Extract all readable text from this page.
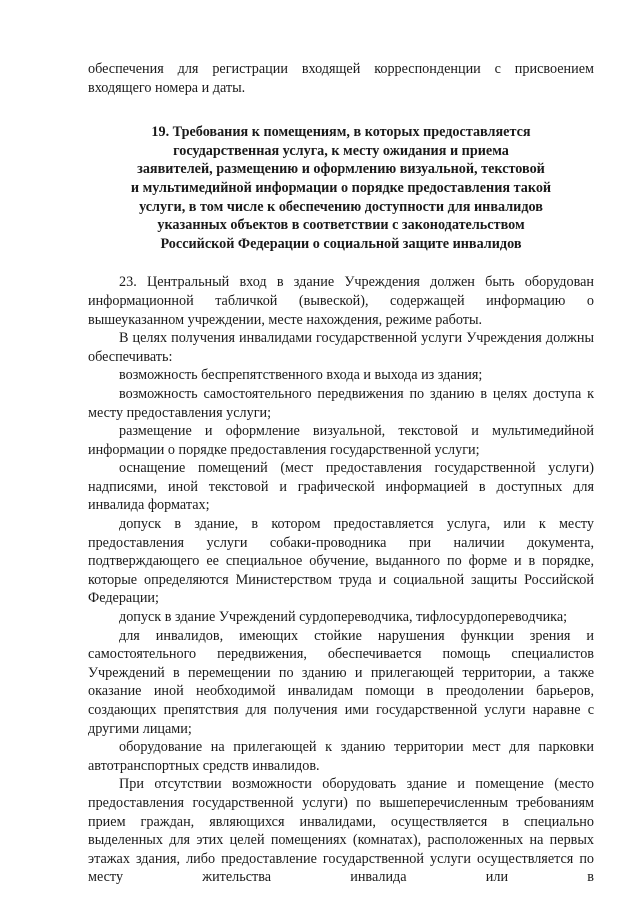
обеспечения для регистрации входящей корреспонденции с присвоением входящего номера и даты.

19. Требования к помещениям, в которых предоставляется
государственная услуга, к месту ожидания и приема
заявителей, размещению и оформлению визуальной, текстовой
и мультимедийной информации о порядке предоставления такой
услуги, в том числе к обеспечению доступности для инвалидов
указанных объектов в соответствии с законодательством
Российской Федерации о социальной защите инвалидов

23. Центральный вход в здание Учреждения должен быть оборудован информационной табличкой (вывеской), содержащей информацию о вышеуказанном учреждении, месте нахождения, режиме работы.

В целях получения инвалидами государственной услуги Учреждения должны обеспечивать:

возможность беспрепятственного входа и выхода из здания;

возможность самостоятельного передвижения по зданию в целях доступа к месту предоставления услуги;

размещение и оформление визуальной, текстовой и мультимедийной информации о порядке предоставления государственной услуги;

оснащение помещений (мест предоставления государственной услуги) надписями, иной текстовой и графической информацией в доступных для инвалида форматах;

допуск в здание, в котором предоставляется услуга, или к месту предоставления услуги собаки-проводника при наличии документа, подтверждающего ее специальное обучение, выданного по форме и в порядке, которые определяются Министерством труда и социальной защиты Российской Федерации;

допуск в здание Учреждений сурдопереводчика, тифлосурдопереводчика;

для инвалидов, имеющих стойкие нарушения функции зрения и самостоятельного передвижения, обеспечивается помощь специалистов Учреждений в перемещении по зданию и прилегающей территории, а также оказание иной необходимой инвалидам помощи в преодолении барьеров, создающих препятствия для получения ими государственной услуги наравне с другими лицами;

оборудование на прилегающей к зданию территории мест для парковки автотранспортных средств инвалидов.

При отсутствии возможности оборудовать здание и помещение (место предоставления государственной услуги) по вышеперечисленным требованиям прием граждан, являющихся инвалидами, осуществляется в специально выделенных для этих целей помещениях (комнатах), расположенных на первых этажах здания, либо предоставление государственной услуги осуществляется по месту жительства инвалида или в
